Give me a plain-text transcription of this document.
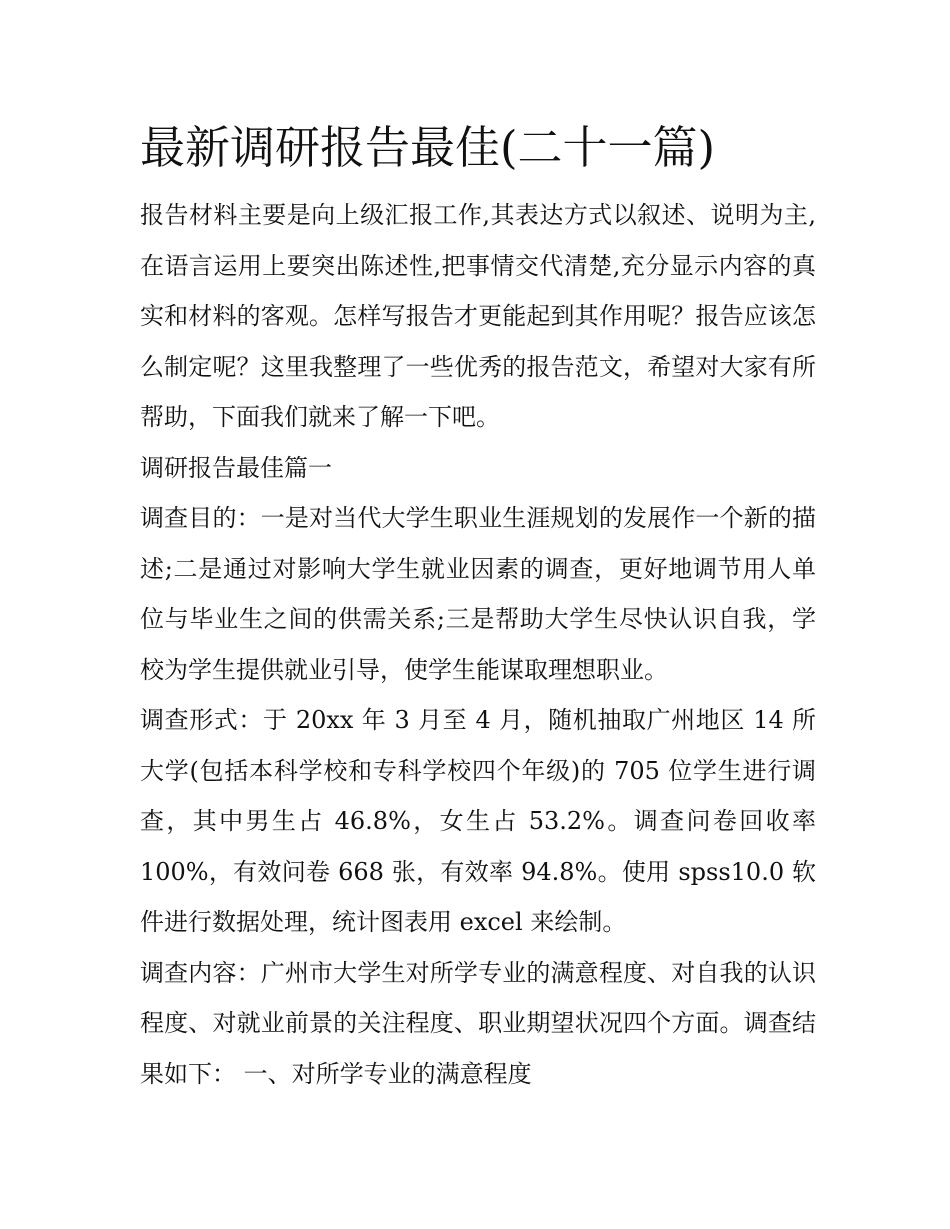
最新调研报告最佳(二十一篇)

报告材料主要是向上级汇报工作,其表达方式以叙述、说明为主,在语言运用上要突出陈述性,把事情交代清楚,充分显示内容的真实和材料的客观。怎样写报告才更能起到其作用呢？报告应该怎么制定呢？这里我整理了一些优秀的报告范文，希望对大家有所帮助，下面我们就来了解一下吧。

调研报告最佳篇一

调查目的：一是对当代大学生职业生涯规划的发展作一个新的描述;二是通过对影响大学生就业因素的调查，更好地调节用人单位与毕业生之间的供需关系;三是帮助大学生尽快认识自我，学校为学生提供就业引导，使学生能谋取理想职业。

调查形式：于 20xx 年 3 月至 4 月，随机抽取广州地区 14 所大学(包括本科学校和专科学校四个年级)的 705 位学生进行调查，其中男生占 46.8%，女生占 53.2%。调查问卷回收率 100%，有效问卷 668 张，有效率 94.8%。使用 spss10.0 软件进行数据处理，统计图表用 excel 来绘制。

调查内容：广州市大学生对所学专业的满意程度、对自我的认识程度、对就业前景的关注程度、职业期望状况四个方面。调查结果如下： 一、对所学专业的满意程度
